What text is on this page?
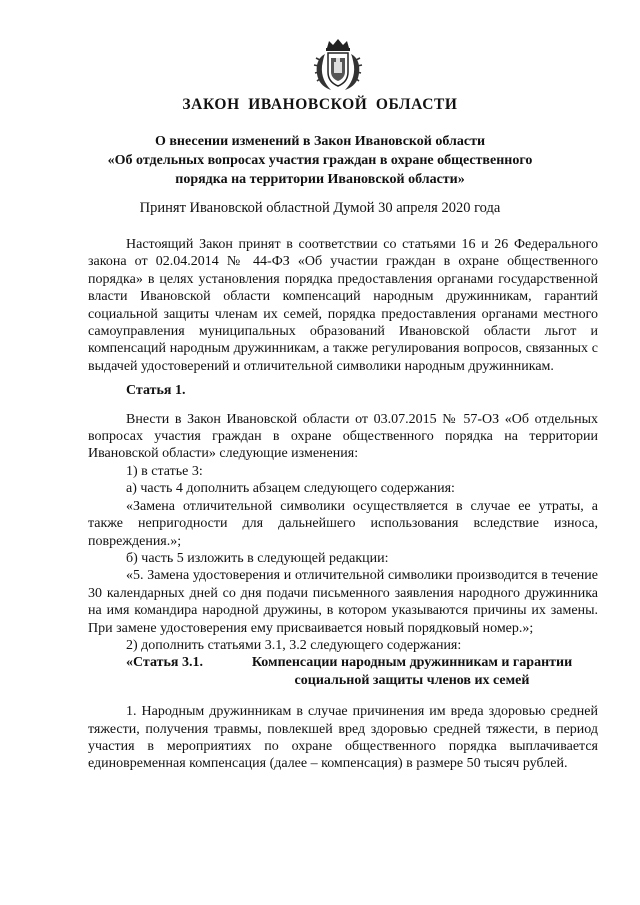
ЗАКОН ИВАНОВСКОЙ ОБЛАСТИ
О внесении изменений в Закон Ивановской области
«Об отдельных вопросах участия граждан в охране общественного
порядка на территории Ивановской области»
Принят Ивановской областной Думой 30 апреля 2020 года

Настоящий Закон принят в соответствии со статьями 16 и 26 Федерального закона от 02.04.2014 № 44-ФЗ «Об участии граждан в охране общественного порядка» в целях установления порядка предоставления органами государственной власти Ивановской области компенсаций народным дружинникам, гарантий социальной защиты членам их семей, порядка предоставления органами местного самоуправления муниципальных образований Ивановской области льгот и компенсаций народным дружинникам, а также регулирования вопросов, связанных с выдачей удостоверений и отличительной символики народным дружинникам.

Статья 1.

Внести в Закон Ивановской области от 03.07.2015 № 57-ОЗ «Об отдельных вопросах участия граждан в охране общественного порядка на территории Ивановской области» следующие изменения:

1) в статье 3:

а) часть 4 дополнить абзацем следующего содержания:

«Замена отличительной символики осуществляется в случае ее утраты, а также непригодности для дальнейшего использования вследствие износа, повреждения.»;

б) часть 5 изложить в следующей редакции:

«5. Замена удостоверения и отличительной символики производится в течение 30 календарных дней со дня подачи письменного заявления народного дружинника на имя командира народной дружины, в котором указываются причины их замены. При замене удостоверения ему присваивается новый порядковый номер.»;

2) дополнить статьями 3.1, 3.2 следующего содержания:

«Статья 3.1.	Компенсации народным дружинникам и гарантии социальной защиты членов их семей

1. Народным дружинникам в случае причинения им вреда здоровью средней тяжести, получения травмы, повлекшей вред здоровью средней тяжести, в период участия в мероприятиях по охране общественного порядка выплачивается единовременная компенсация (далее – компенсация) в размере 50 тысяч рублей.
